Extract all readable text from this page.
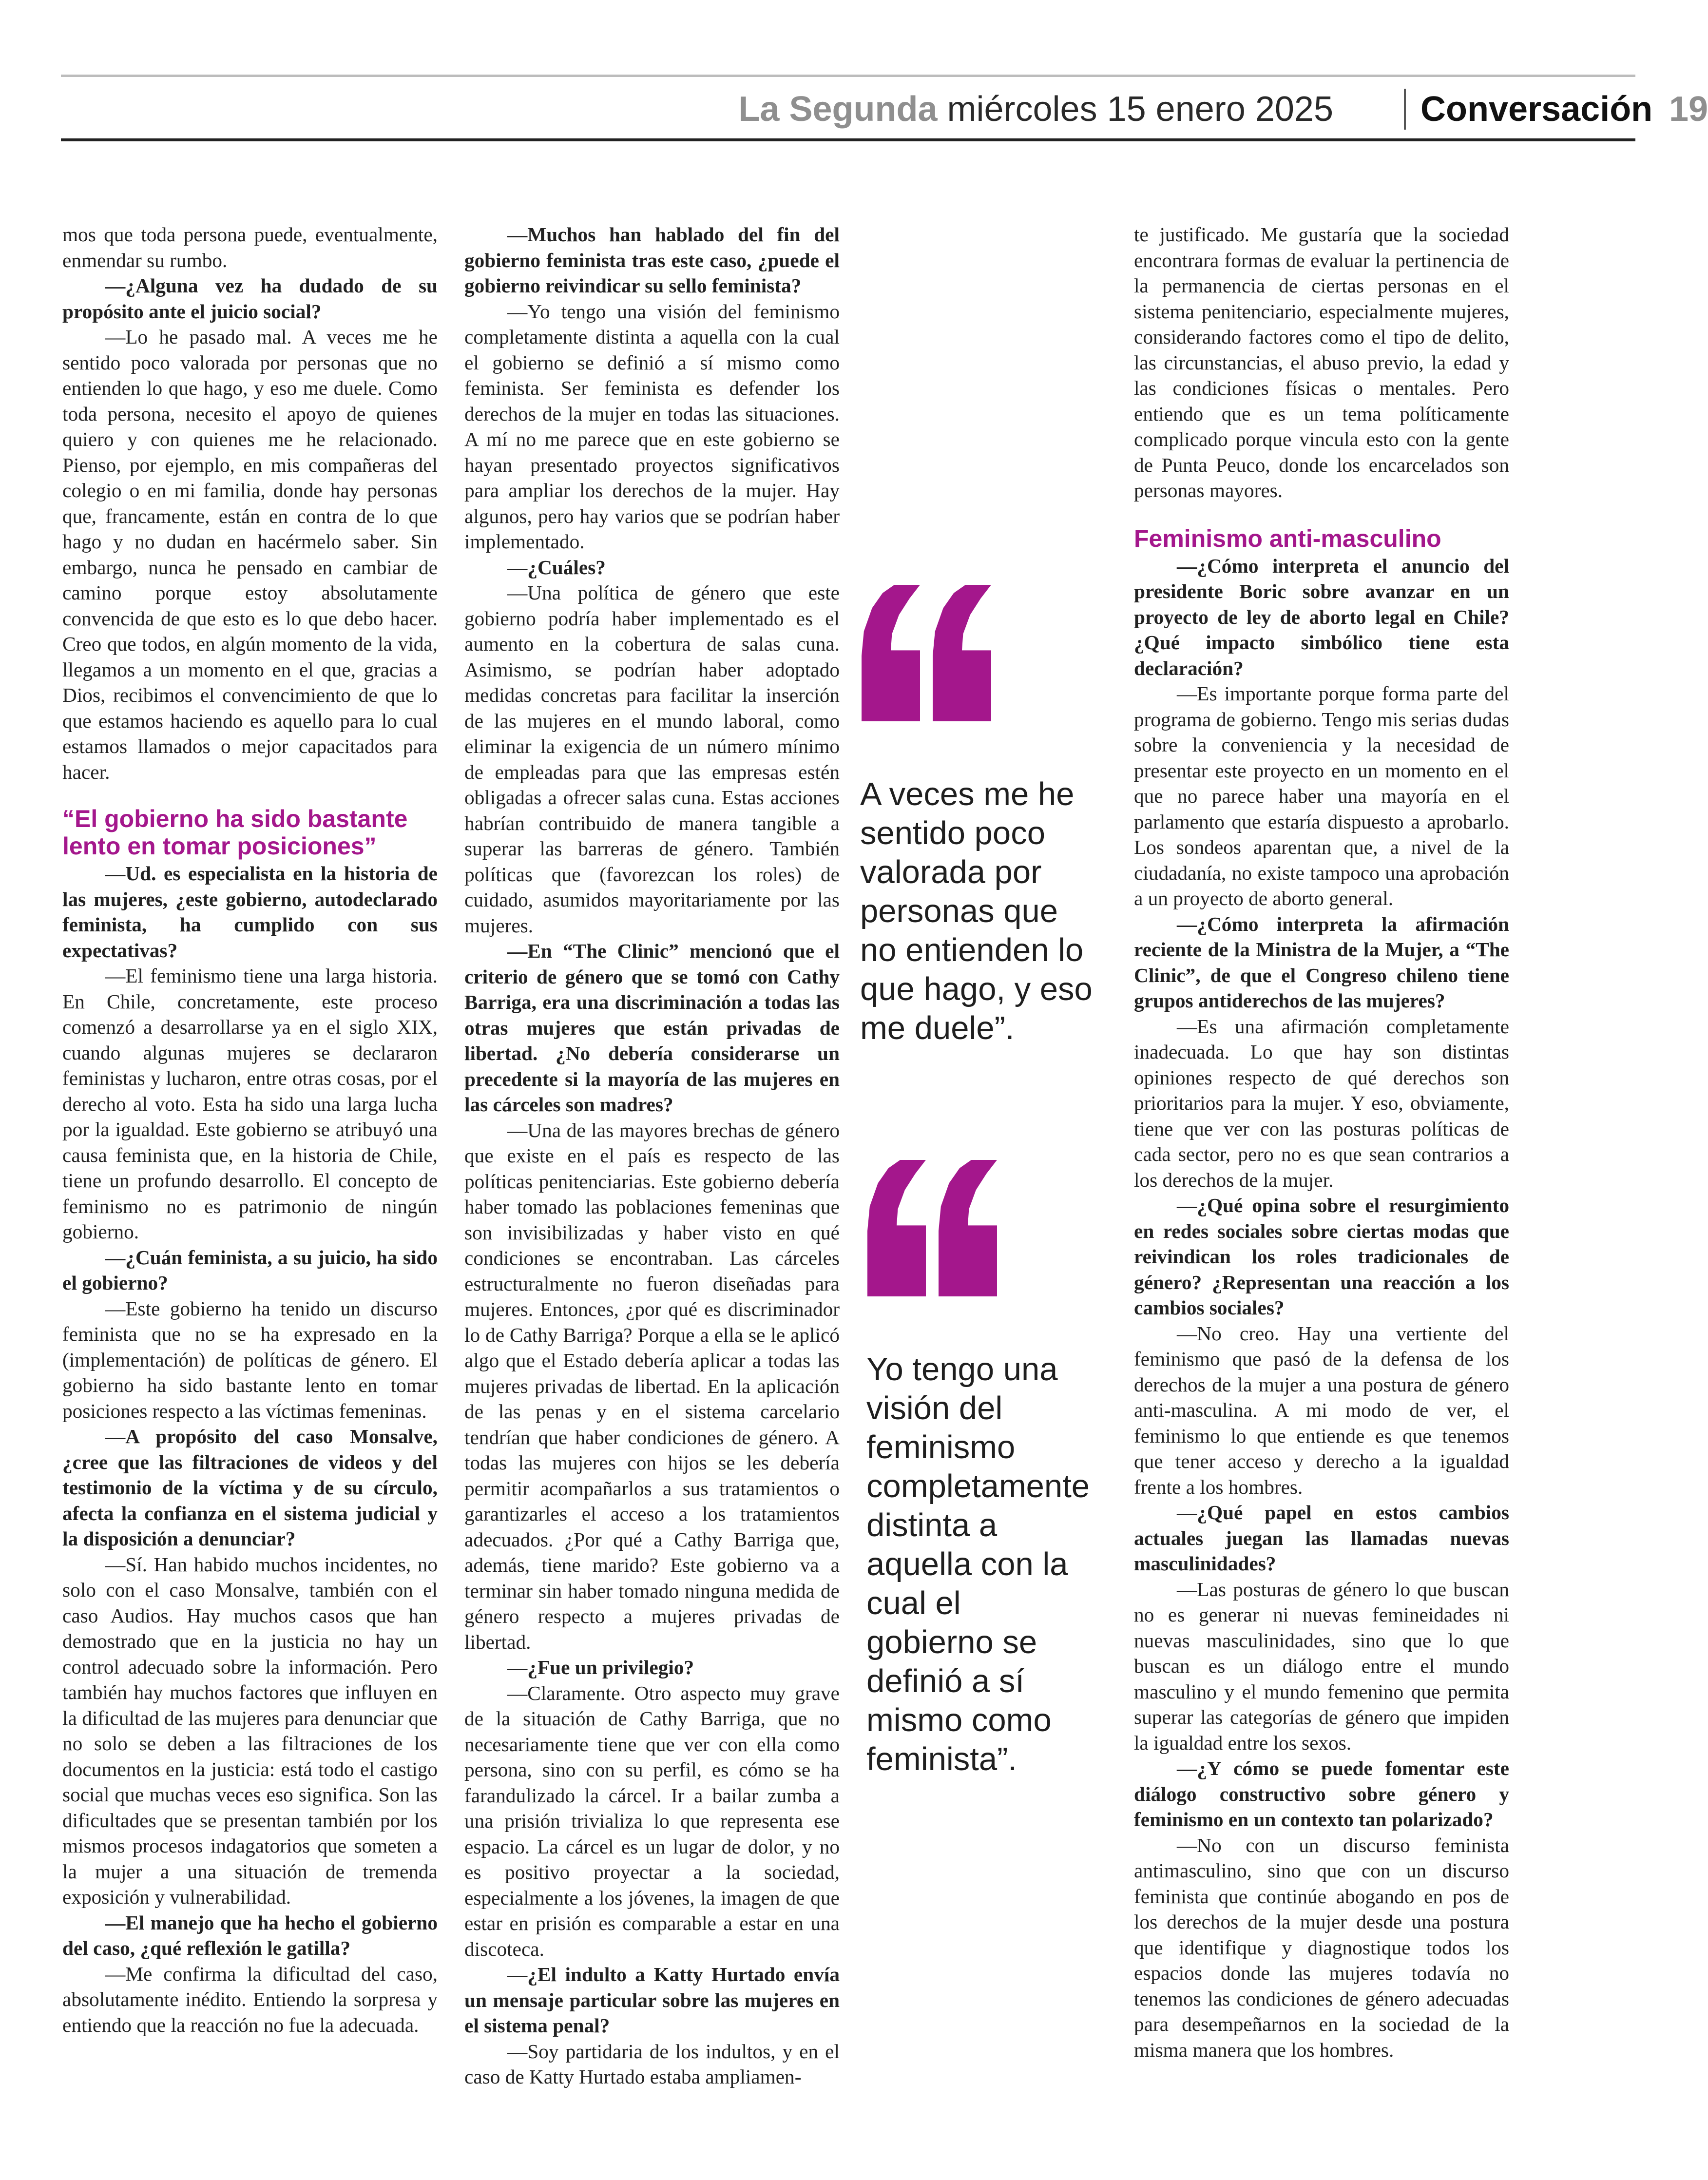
La Segunda miércoles 15 enero 2025 Conversación 19

mos que toda persona puede, eventualmente, enmendar su rumbo.

—¿Alguna vez ha dudado de su propósito ante el juicio social?

—Lo he pasado mal. A veces me he sentido poco valorada por personas que no entienden lo que hago, y eso me duele. Como toda persona, necesito el apoyo de quienes quiero y con quienes me he relacionado. Pienso, por ejemplo, en mis compañeras del colegio o en mi familia, donde hay personas que, francamente, están en contra de lo que hago y no dudan en hacérmelo saber. Sin embargo, nunca he pensado en cambiar de camino porque estoy absolutamente convencida de que esto es lo que debo hacer. Creo que todos, en algún momento de la vida, llegamos a un momento en el que, gracias a Dios, recibimos el convencimiento de que lo que estamos haciendo es aquello para lo cual estamos llamados o mejor capacitados para hacer.

“El gobierno ha sido bastante lento en tomar posiciones”

—Ud. es especialista en la historia de las mujeres, ¿este gobierno, autodeclarado feminista, ha cumplido con sus expectativas?

—El feminismo tiene una larga historia. En Chile, concretamente, este proceso comenzó a desarrollarse ya en el siglo XIX, cuando algunas mujeres se declararon feministas y lucharon, entre otras cosas, por el derecho al voto. Esta ha sido una larga lucha por la igualdad. Este gobierno se atribuyó una causa feminista que, en la historia de Chile, tiene un profundo desarrollo. El concepto de feminismo no es patrimonio de ningún gobierno.

—¿Cuán feminista, a su juicio, ha sido el gobierno?

—Este gobierno ha tenido un discurso feminista que no se ha expresado en la (implementación) de políticas de género. El gobierno ha sido bastante lento en tomar posiciones respecto a las víctimas femeninas.

—A propósito del caso Monsalve, ¿cree que las filtraciones de videos y del testimonio de la víctima y de su círculo, afecta la confianza en el sistema judicial y la disposición a denunciar?

—Sí. Han habido muchos incidentes, no solo con el caso Monsalve, también con el caso Audios. Hay muchos casos que han demostrado que en la justicia no hay un control adecuado sobre la información. Pero también hay muchos factores que influyen en la dificultad de las mujeres para denunciar que no solo se deben a las filtraciones de los documentos en la justicia: está todo el castigo social que muchas veces eso significa. Son las dificultades que se presentan también por los mismos procesos indagatorios que someten a la mujer a una situación de tremenda exposición y vulnerabilidad.

—El manejo que ha hecho el gobierno del caso, ¿qué reflexión le gatilla?

—Me confirma la dificultad del caso, absolutamente inédito. Entiendo la sorpresa y entiendo que la reacción no fue la adecuada.

—Muchos han hablado del fin del gobierno feminista tras este caso, ¿puede el gobierno reivindicar su sello feminista?

—Yo tengo una visión del feminismo completamente distinta a aquella con la cual el gobierno se definió a sí mismo como feminista. Ser feminista es defender los derechos de la mujer en todas las situaciones. A mí no me parece que en este gobierno se hayan presentado proyectos significativos para ampliar los derechos de la mujer. Hay algunos, pero hay varios que se podrían haber implementado.

—¿Cuáles?

—Una política de género que este gobierno podría haber implementado es el aumento en la cobertura de salas cuna. Asimismo, se podrían haber adoptado medidas concretas para facilitar la inserción de las mujeres en el mundo laboral, como eliminar la exigencia de un número mínimo de empleadas para que las empresas estén obligadas a ofrecer salas cuna. Estas acciones habrían contribuido de manera tangible a superar las barreras de género. También políticas que (favorezcan los roles) de cuidado, asumidos mayoritariamente por las mujeres.

—En “The Clinic” mencionó que el criterio de género que se tomó con Cathy Barriga, era una discriminación a todas las otras mujeres que están privadas de libertad. ¿No debería considerarse un precedente si la mayoría de las mujeres en las cárceles son madres?

—Una de las mayores brechas de género que existe en el país es respecto de las políticas penitenciarias. Este gobierno debería haber tomado las poblaciones femeninas que son invisibilizadas y haber visto en qué condiciones se encontraban. Las cárceles estructuralmente no fueron diseñadas para mujeres. Entonces, ¿por qué es discriminador lo de Cathy Barriga? Porque a ella se le aplicó algo que el Estado debería aplicar a todas las mujeres privadas de libertad. En la aplicación de las penas y en el sistema carcelario tendrían que haber condiciones de género. A todas las mujeres con hijos se les debería permitir acompañarlos a sus tratamientos o garantizarles el acceso a los tratamientos adecuados. ¿Por qué a Cathy Barriga que, además, tiene marido? Este gobierno va a terminar sin haber tomado ninguna medida de género respecto a mujeres privadas de libertad.

—¿Fue un privilegio?

—Claramente. Otro aspecto muy grave de la situación de Cathy Barriga, que no necesariamente tiene que ver con ella como persona, sino con su perfil, es cómo se ha farandulizado la cárcel. Ir a bailar zumba a una prisión trivializa lo que representa ese espacio. La cárcel es un lugar de dolor, y no es positivo proyectar a la sociedad, especialmente a los jóvenes, la imagen de que estar en prisión es comparable a estar en una discoteca.

—¿El indulto a Katty Hurtado envía un mensaje particular sobre las mujeres en el sistema penal?

—Soy partidaria de los indultos, y en el caso de Katty Hurtado estaba ampliamen-

A veces me he
sentido poco
valorada por
personas que
no entienden lo
que hago, y eso
me duele”.
Yo tengo una
visión del
feminismo
completamente
distinta a
aquella con la
cual el
gobierno se
definió a sí
mismo como
feminista”.

te justificado. Me gustaría que la sociedad encontrara formas de evaluar la pertinencia de la permanencia de ciertas personas en el sistema penitenciario, especialmente mujeres, considerando factores como el tipo de delito, las circunstancias, el abuso previo, la edad y las condiciones físicas o mentales. Pero entiendo que es un tema políticamente complicado porque vincula esto con la gente de Punta Peuco, donde los encarcelados son personas mayores.

Feminismo anti-masculino

—¿Cómo interpreta el anuncio del presidente Boric sobre avanzar en un proyecto de ley de aborto legal en Chile? ¿Qué impacto simbólico tiene esta declaración?

—Es importante porque forma parte del programa de gobierno. Tengo mis serias dudas sobre la conveniencia y la necesidad de presentar este proyecto en un momento en el que no parece haber una mayoría en el parlamento que estaría dispuesto a aprobarlo. Los sondeos aparentan que, a nivel de la ciudadanía, no existe tampoco una aprobación a un proyecto de aborto general.

—¿Cómo interpreta la afirmación reciente de la Ministra de la Mujer, a “The Clinic”, de que el Congreso chileno tiene grupos antiderechos de las mujeres?

—Es una afirmación completamente inadecuada. Lo que hay son distintas opiniones respecto de qué derechos son prioritarios para la mujer. Y eso, obviamente, tiene que ver con las posturas políticas de cada sector, pero no es que sean contrarios a los derechos de la mujer.

—¿Qué opina sobre el resurgimiento en redes sociales sobre ciertas modas que reivindican los roles tradicionales de género? ¿Representan una reacción a los cambios sociales?

—No creo. Hay una vertiente del feminismo que pasó de la defensa de los derechos de la mujer a una postura de género anti-masculina. A mi modo de ver, el feminismo lo que entiende es que tenemos que tener acceso y derecho a la igualdad frente a los hombres.

—¿Qué papel en estos cambios actuales juegan las llamadas nuevas masculinidades?

—Las posturas de género lo que buscan no es generar ni nuevas femineidades ni nuevas masculinidades, sino que lo que buscan es un diálogo entre el mundo masculino y el mundo femenino que permita superar las categorías de género que impiden la igualdad entre los sexos.

—¿Y cómo se puede fomentar este diálogo constructivo sobre género y feminismo en un contexto tan polarizado?

—No con un discurso feminista antimasculino, sino que con un discurso feminista que continúe abogando en pos de los derechos de la mujer desde una postura que identifique y diagnostique todos los espacios donde las mujeres todavía no tenemos las condiciones de género adecuadas para desempeñarnos en la sociedad de la misma manera que los hombres.
